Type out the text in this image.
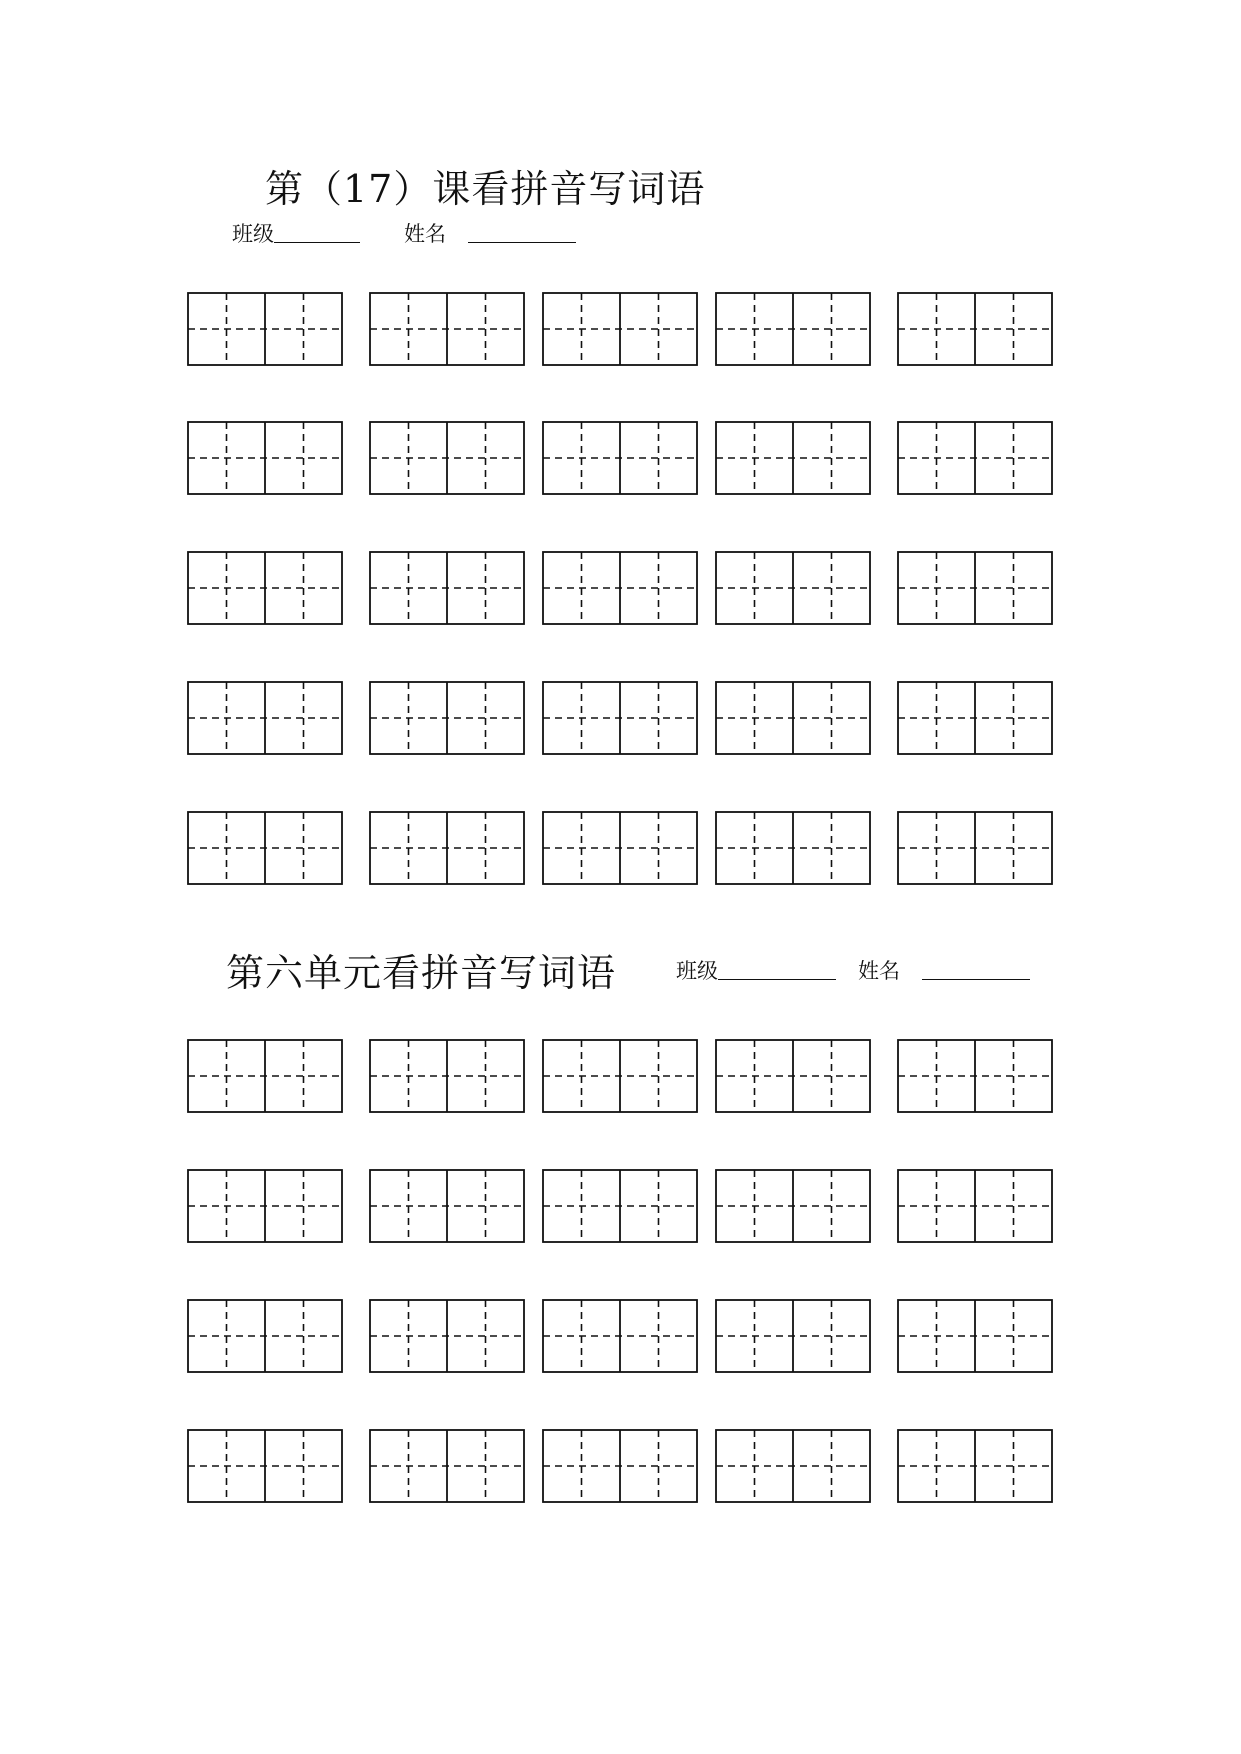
第（17）课看拼音写词语
班级	姓名
第六单元看拼音写词语	班级	姓名
